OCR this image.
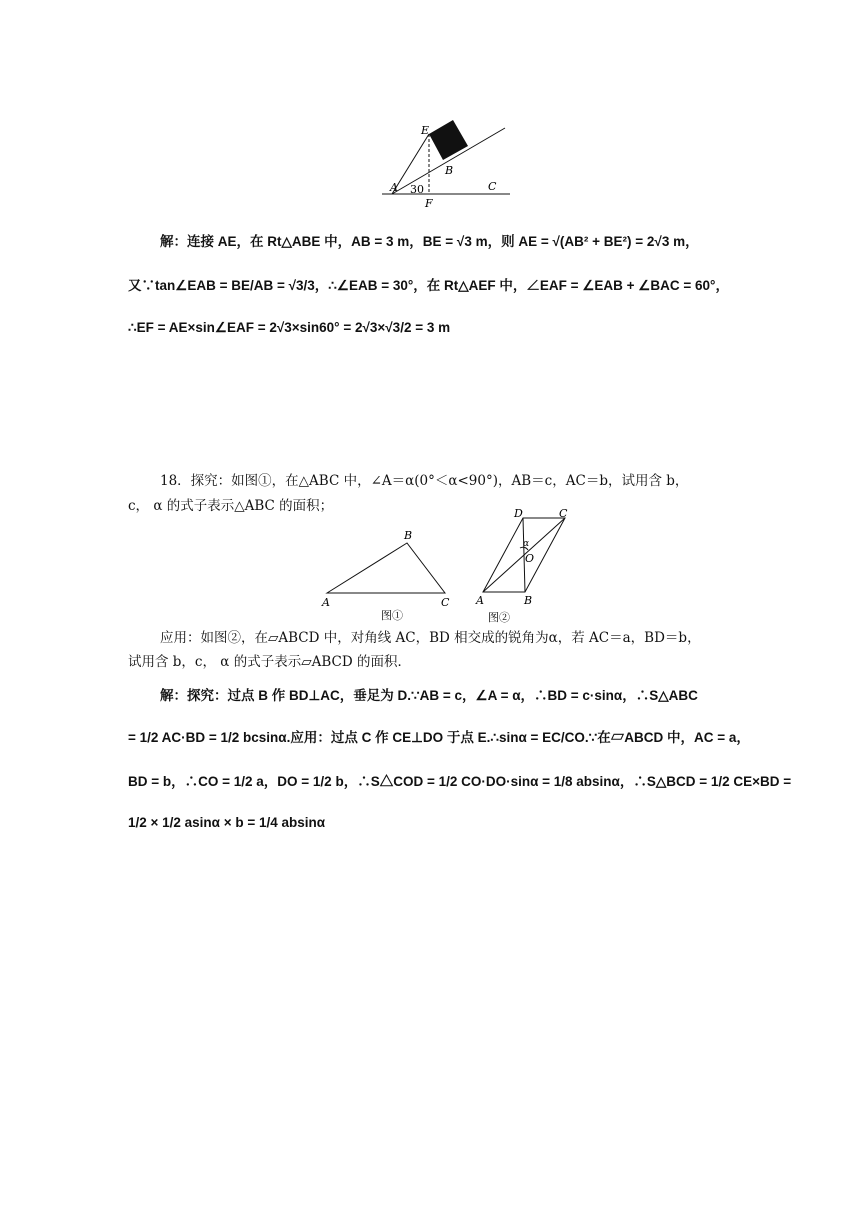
E
B
A 30	C
F
解：连接 AE，在 Rt△ABE 中，AB = 3 m，BE = √3 m，则 AE = √(AB² + BE²) = 2√3 m，
又∵tan∠EAB = BE/AB = √3/3，∴∠EAB = 30°，在 Rt△AEF 中，∠EAF = ∠EAB + ∠BAC = 60°，
∴EF = AE×sin∠EAF = 2√3×sin60° = 2√3×√3/2 = 3 m
18．探究：如图①，在△ABC 中，∠A＝α(0°＜α<90°)，AB＝c，AC＝b，试用含 b，
c， α 的式子表示△ABC 的面积；
B
A	C
图①
D	C
α
O
A	B
图②
应用：如图②，在▱ABCD 中，对角线 AC，BD 相交成的锐角为α，若 AC＝a，BD＝b，
试用含 b，c， α 的式子表示▱ABCD 的面积．
解：探究：过点 B 作 BD⊥AC，垂足为 D.∵AB = c，∠A = α，∴BD = c·sinα，∴S△ABC
= 1/2 AC·BD = 1/2 bcsinα.应用：过点 C 作 CE⊥DO 于点 E.∴sinα = EC/CO.∵在▱ABCD 中，AC = a，
BD = b，∴CO = 1/2 a，DO = 1/2 b，∴S△COD = 1/2 CO·DO·sinα = 1/8 absinα，∴S△BCD = 1/2 CE×BD =
1/2 × 1/2 asinα × b = 1/4 absinα
